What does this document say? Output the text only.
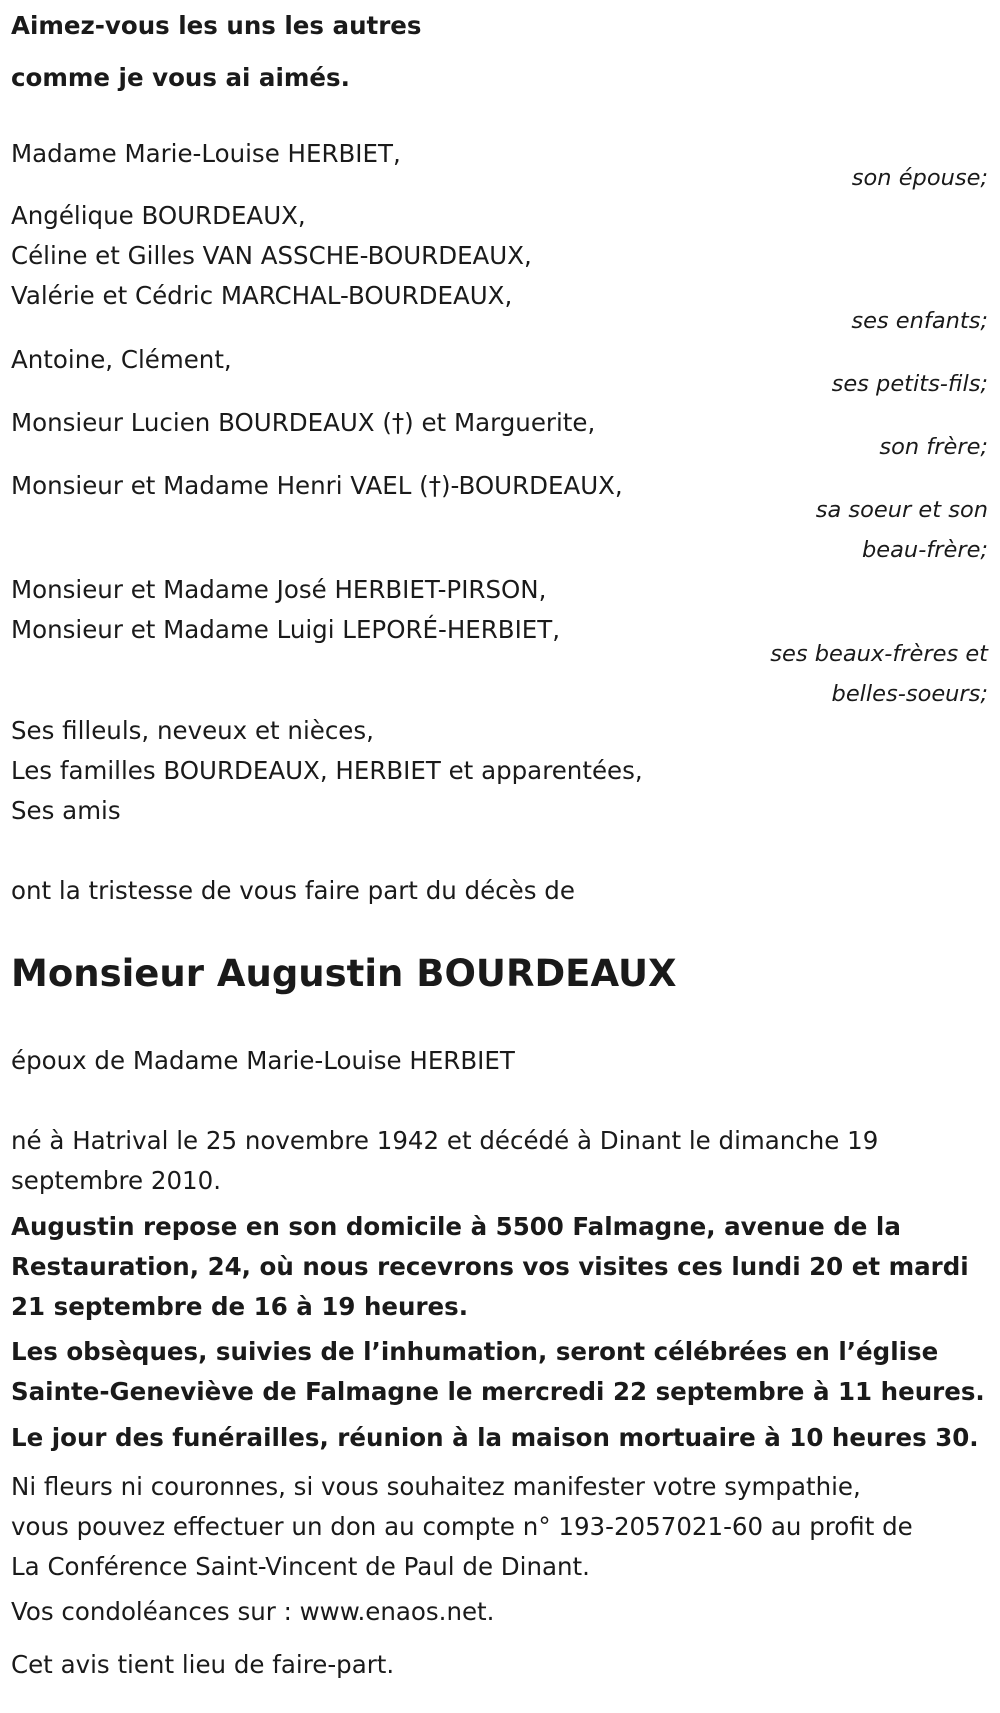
Aimez-vous les uns les autres

comme je vous ai aimés.

Madame Marie-Louise HERBIET,

son épouse;

Angélique BOURDEAUX,

Céline et Gilles VAN ASSCHE-BOURDEAUX,

Valérie et Cédric MARCHAL-BOURDEAUX,

ses enfants;

Antoine, Clément,

ses petits-fils;

Monsieur Lucien BOURDEAUX (†) et Marguerite,

son frère;

Monsieur et Madame Henri VAEL (†)-BOURDEAUX,

sa soeur et son

beau-frère;

Monsieur et Madame José HERBIET-PIRSON,

Monsieur et Madame Luigi LEPORÉ-HERBIET,

ses beaux-frères et

belles-soeurs;

Ses filleuls, neveux et nièces,

Les familles BOURDEAUX, HERBIET et apparentées,

Ses amis

ont la tristesse de vous faire part du décès de

Monsieur Augustin BOURDEAUX

époux de Madame Marie-Louise HERBIET

né à Hatrival le 25 novembre 1942 et décédé à Dinant le dimanche 19

septembre 2010.

Augustin repose en son domicile à 5500 Falmagne, avenue de la

Restauration, 24, où nous recevrons vos visites ces lundi 20 et mardi

21 septembre de 16 à 19 heures.

Les obsèques, suivies de l’inhumation, seront célébrées en l’église

Sainte-Geneviève de Falmagne le mercredi 22 septembre à 11 heures.

Le jour des funérailles, réunion à la maison mortuaire à 10 heures 30.

Ni fleurs ni couronnes, si vous souhaitez manifester votre sympathie,

vous pouvez effectuer un don au compte n° 193-2057021-60 au profit de

La Conférence Saint-Vincent de Paul de Dinant.

Vos condoléances sur : www.enaos.net.

Cet avis tient lieu de faire-part.
